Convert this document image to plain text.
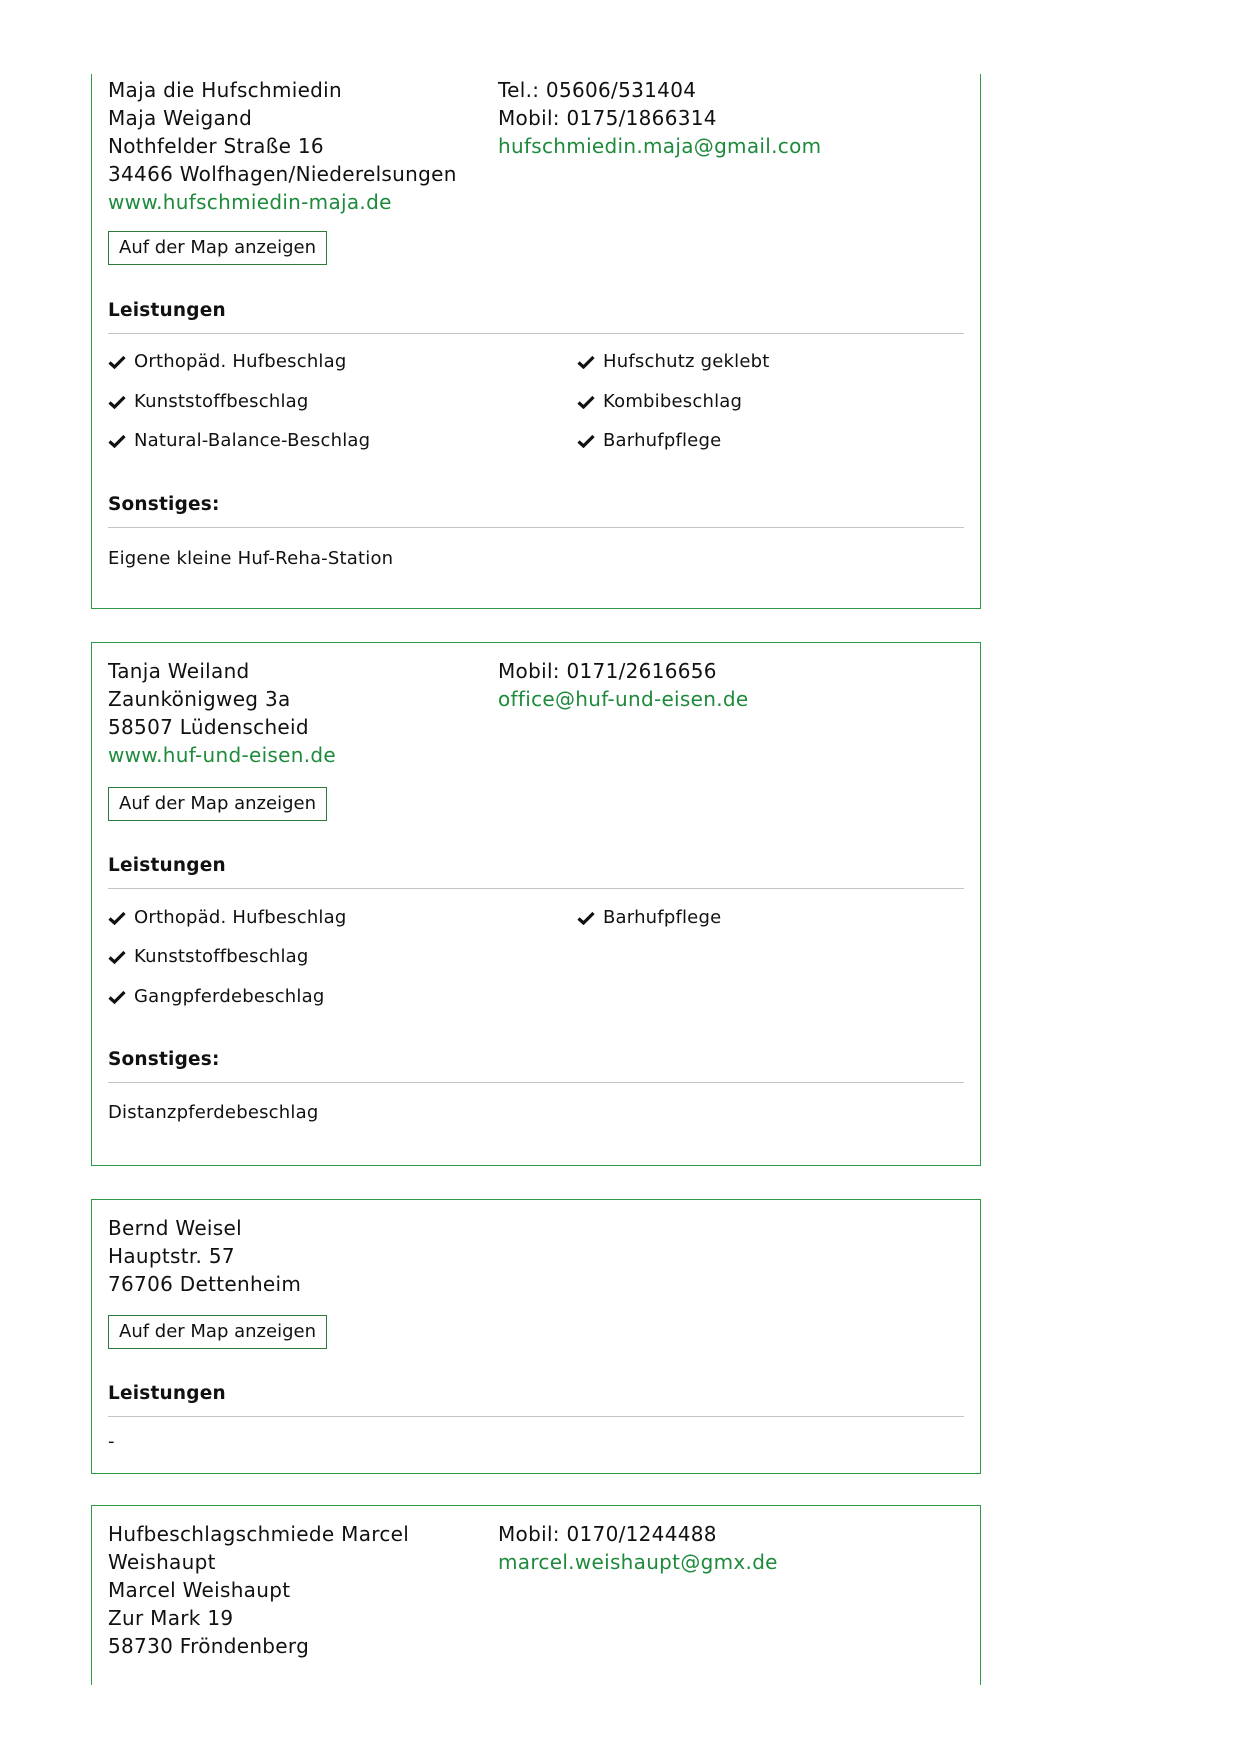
Maja die Hufschmiedin
Maja Weigand
Nothfelder Straße 16
34466 Wolfhagen/Niederelsungen
www.hufschmiedin-maja.de
Tel.: 05606/531404
Mobil: 0175/1866314
hufschmiedin.maja@gmail.com
Auf der Map anzeigen
Leistungen
Orthopäd. Hufbeschlag
Kunststoffbeschlag
Natural-Balance-Beschlag
Hufschutz geklebt
Kombibeschlag
Barhufpflege
Sonstiges:
Eigene kleine Huf-Reha-Station
Tanja Weiland
Zaunkönigweg 3a
58507 Lüdenscheid
www.huf-und-eisen.de
Mobil: 0171/2616656
office@huf-und-eisen.de
Auf der Map anzeigen
Leistungen
Orthopäd. Hufbeschlag
Kunststoffbeschlag
Gangpferdebeschlag
Barhufpflege
Sonstiges:
Distanzpferdebeschlag
Bernd Weisel
Hauptstr. 57
76706 Dettenheim
Auf der Map anzeigen
Leistungen
-
Hufbeschlagschmiede Marcel
Weishaupt
Marcel Weishaupt
Zur Mark 19
58730 Fröndenberg
Mobil: 0170/1244488
marcel.weishaupt@gmx.de
